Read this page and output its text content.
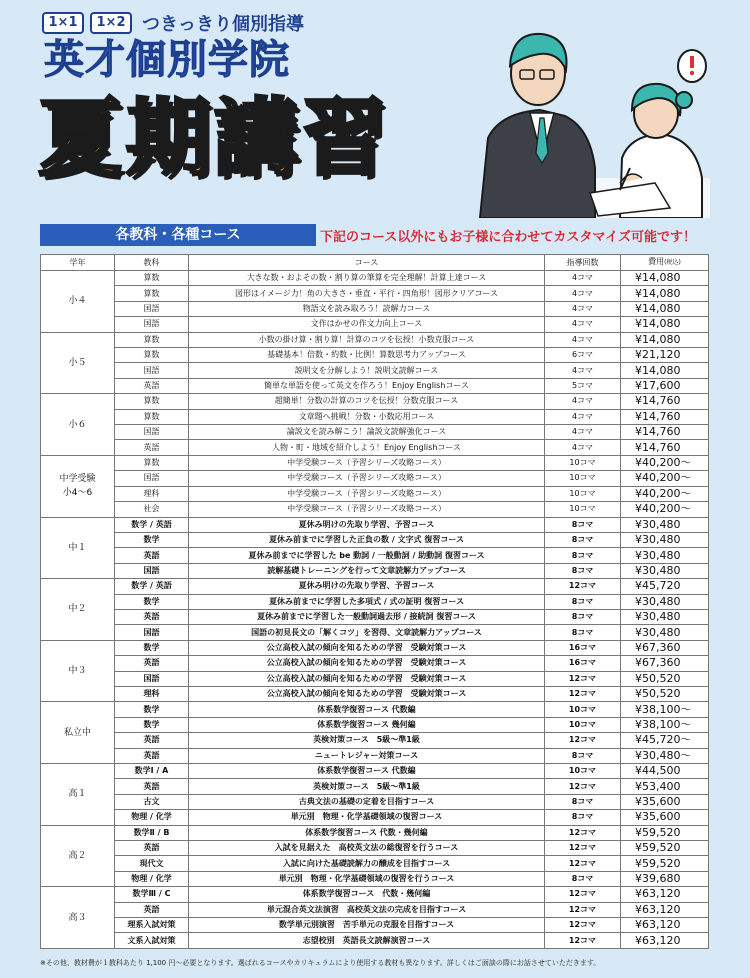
1×1	1×2 つきっきり個別指導
英才個別学院
夏期講習
各教科・各種コース	下記のコース以外にもお子様に合わせてカスタマイズ可能です！
学年	教科	コース	指導回数	費用(税込)
小４	算数	大きな数・およその数・割り算の筆算を完全理解！計算上達コース	4コマ	¥14,080
	算数	図形はイメージ力！角の大きさ・垂直・平行・四角形！図形クリアコース	4コマ	¥14,080
	国語	物語文を読み取ろう！読解力コース	4コマ	¥14,080
	国語	文作はかせの作文力向上コース	4コマ	¥14,080
小５	算数	小数の掛け算・割り算！計算のコツを伝授！小数克服コース	4コマ	¥14,080
	算数	基礎基本！倍数・約数・比例！算数思考力アップコース	6コマ	¥21,120
	国語	説明文を分解しよう！説明文読解コース	4コマ	¥14,080
	英語	簡単な単語を使って英文を作ろう！Enjoy Englishコース	5コマ	¥17,600
小６	算数	超簡単！分数の計算のコツを伝授！分数克服コース	4コマ	¥14,760
	算数	文章題へ挑戦！分数・小数応用コース	4コマ	¥14,760
	国語	論説文を読み解こう！論説文読解強化コース	4コマ	¥14,760
	英語	人物・町・地域を紹介しよう！Enjoy Englishコース	4コマ	¥14,760
中学受験
小4〜6	算数	中学受験コース（予習シリーズ攻略コース）	10コマ	¥40,200〜
	国語	中学受験コース（予習シリーズ攻略コース）	10コマ	¥40,200〜
	理科	中学受験コース（予習シリーズ攻略コース）	10コマ	¥40,200〜
	社会	中学受験コース（予習シリーズ攻略コース）	10コマ	¥40,200〜
中１	数学 / 英語	夏休み明けの先取り学習、予習コース	8コマ	¥30,480
	数学	夏休み前までに学習した正負の数 / 文字式 復習コース	8コマ	¥30,480
	英語	夏休み前までに学習した be 動詞 / 一般動詞 / 助動詞 復習コース	8コマ	¥30,480
	国語	読解基礎トレーニングを行って文章読解力アップコース	8コマ	¥30,480
中２	数学 / 英語	夏休み明けの先取り学習、予習コース	12コマ	¥45,720
	数学	夏休み前までに学習した多項式 / 式の証明 復習コース	8コマ	¥30,480
	英語	夏休み前までに学習した一般動詞過去形 / 接続詞 復習コース	8コマ	¥30,480
	国語	国語の初見長文の「解くコツ」を習得、文章読解力アップコース	8コマ	¥30,480
中３	数学	公立高校入試の傾向を知るための学習　受験対策コース	16コマ	¥67,360
	英語	公立高校入試の傾向を知るための学習　受験対策コース	16コマ	¥67,360
	国語	公立高校入試の傾向を知るための学習　受験対策コース	12コマ	¥50,520
	理科	公立高校入試の傾向を知るための学習　受験対策コース	12コマ	¥50,520
私立中	数学	体系数学復習コース 代数編	10コマ	¥38,100〜
	数学	体系数学復習コース 幾何編	10コマ	¥38,100〜
	英語	英検対策コース　5級〜準1級	12コマ	¥45,720〜
	英語	ニュートレジャー対策コース	8コマ	¥30,480〜
高１	数学Ⅰ / A	体系数学復習コース 代数編	10コマ	¥44,500
	英語	英検対策コース　5級〜準1級	12コマ	¥53,400
	古文	古典文法の基礎の定着を目指すコース	8コマ	¥35,600
	物理 / 化学	単元別　物理・化学基礎領域の復習コース	8コマ	¥35,600
高２	数学Ⅱ / B	体系数学復習コース 代数・幾何編	12コマ	¥59,520
	英語	入試を見据えた　高校英文法の総復習を行うコース	12コマ	¥59,520
	現代文	入試に向けた基礎読解力の醸成を目指すコース	12コマ	¥59,520
	物理 / 化学	単元別　物理・化学基礎領域の復習を行うコース	8コマ	¥39,680
高３	数学Ⅲ / C	体系数学復習コース　代数・幾何編	12コマ	¥63,120
	英語	単元混合英文法演習　高校英文法の完成を目指すコース	12コマ	¥63,120
	理系入試対策	数学単元別演習　苦手単元の克服を目指すコース	12コマ	¥63,120
	文系入試対策	志望校別　英語長文読解演習コース	12コマ	¥63,120
※その他、教材費が１教科あたり 1,100 円〜必要となります。選ばれるコースやカリキュラムにより使用する教材も異なります。詳しくはご面談の際にお話させていただきます。
